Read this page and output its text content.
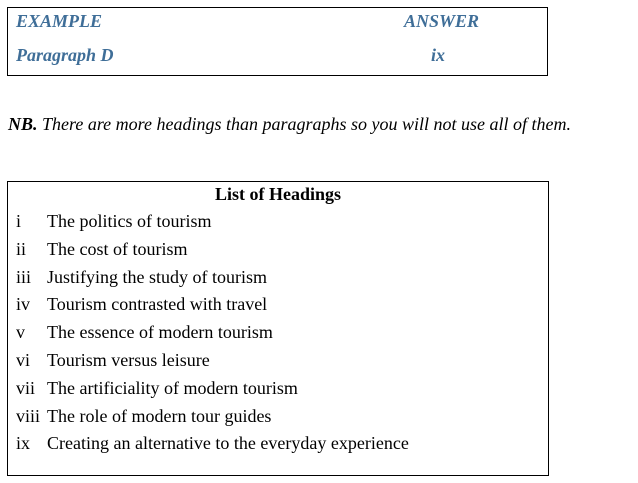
EXAMPLE	ANSWER
Paragraph D	ix
NB. There are more headings than paragraphs so you will not use all of them.
List of Headings
i The politics of tourism
ii The cost of tourism
iii Justifying the study of tourism
iv Tourism contrasted with travel
v The essence of modern tourism
vi Tourism versus leisure
vii The artificiality of modern tourism
viii The role of modern tour guides
ix Creating an alternative to the everyday experience
